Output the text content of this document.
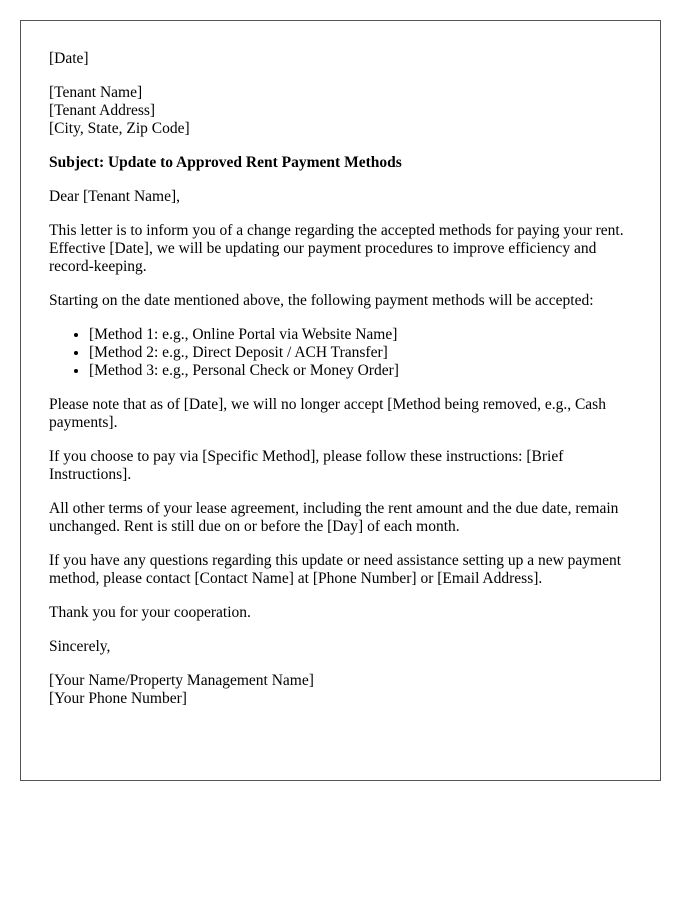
[Date]
[Tenant Name]
[Tenant Address]
[City, State, Zip Code]

Subject: Update to Approved Rent Payment Methods

Dear [Tenant Name],

This letter is to inform you of a change regarding the accepted methods for paying your rent. Effective [Date], we will be updating our payment procedures to improve efficiency and record-keeping.

Starting on the date mentioned above, the following payment methods will be accepted:

• [Method 1: e.g., Online Portal via Website Name]
• [Method 2: e.g., Direct Deposit / ACH Transfer]
• [Method 3: e.g., Personal Check or Money Order]

Please note that as of [Date], we will no longer accept [Method being removed, e.g., Cash payments].

If you choose to pay via [Specific Method], please follow these instructions: [Brief Instructions].

All other terms of your lease agreement, including the rent amount and the due date, remain unchanged. Rent is still due on or before the [Day] of each month.

If you have any questions regarding this update or need assistance setting up a new payment method, please contact [Contact Name] at [Phone Number] or [Email Address].

Thank you for your cooperation.

Sincerely,

[Your Name/Property Management Name]
[Your Phone Number]
